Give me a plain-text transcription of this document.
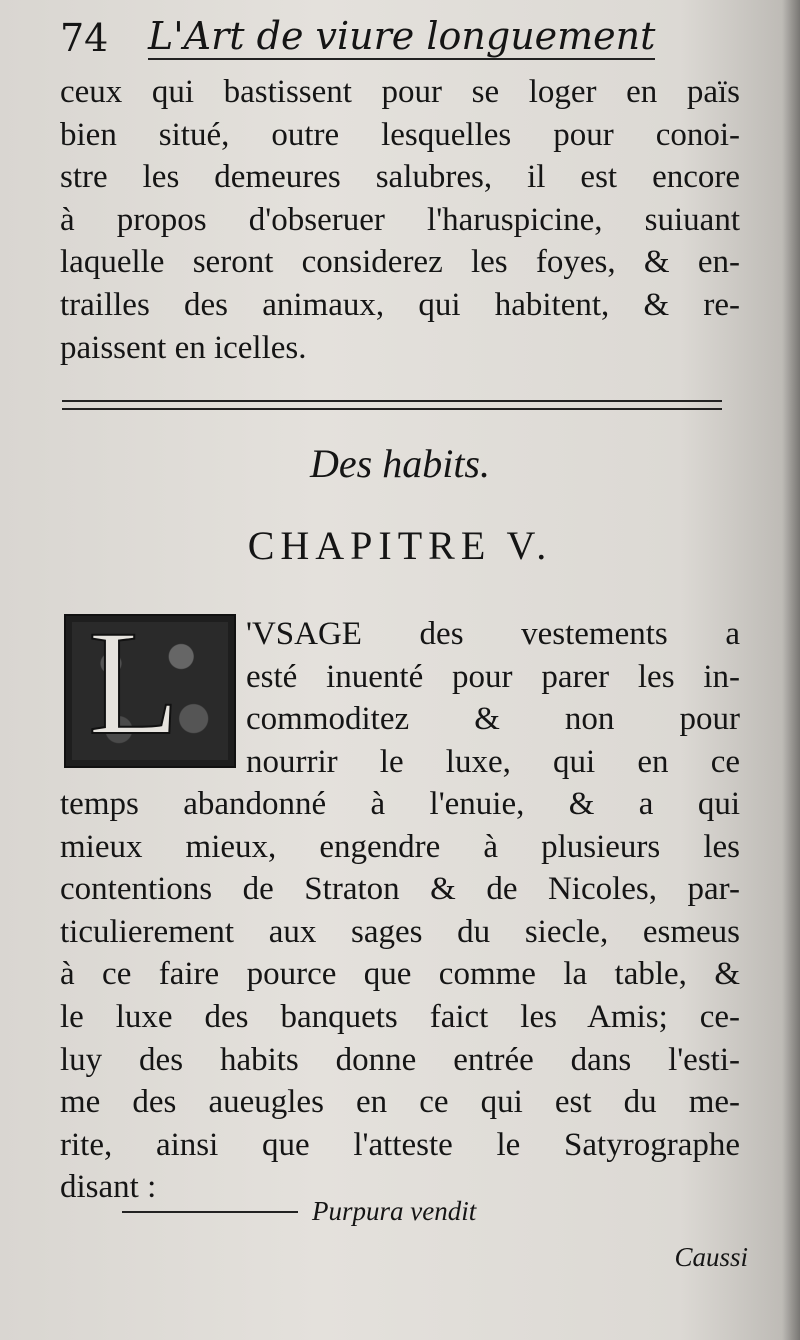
74 L'Art de viure longuement
ceux qui bastissent pour se loger en païs
bien situé, outre lesquelles pour conoi-
stre les demeures salubres, il est encore
à propos d'obseruer l'haruspicine, suiuant
laquelle seront considerez les foyes, & en-
trailles des animaux, qui habitent, & re-
paissent en icelles.
Des habits.
CHAPITRE V.
L 'VSAGE des vestements a
esté inuenté pour parer les in-
commoditez & non pour
nourrir le luxe, qui en ce
temps abandonné à l'enuie, & a qui
mieux mieux, engendre à plusieurs les
contentions de Straton & de Nicoles, par-
ticulierement aux sages du siecle, esmeus
à ce faire pource que comme la table, &
le luxe des banquets faict les Amis; ce-
luy des habits donne entrée dans l'esti-
me des aueugles en ce qui est du me-
rite, ainsi que l'atteste le Satyrographe
disant :
Purpura vendit
Caussi
